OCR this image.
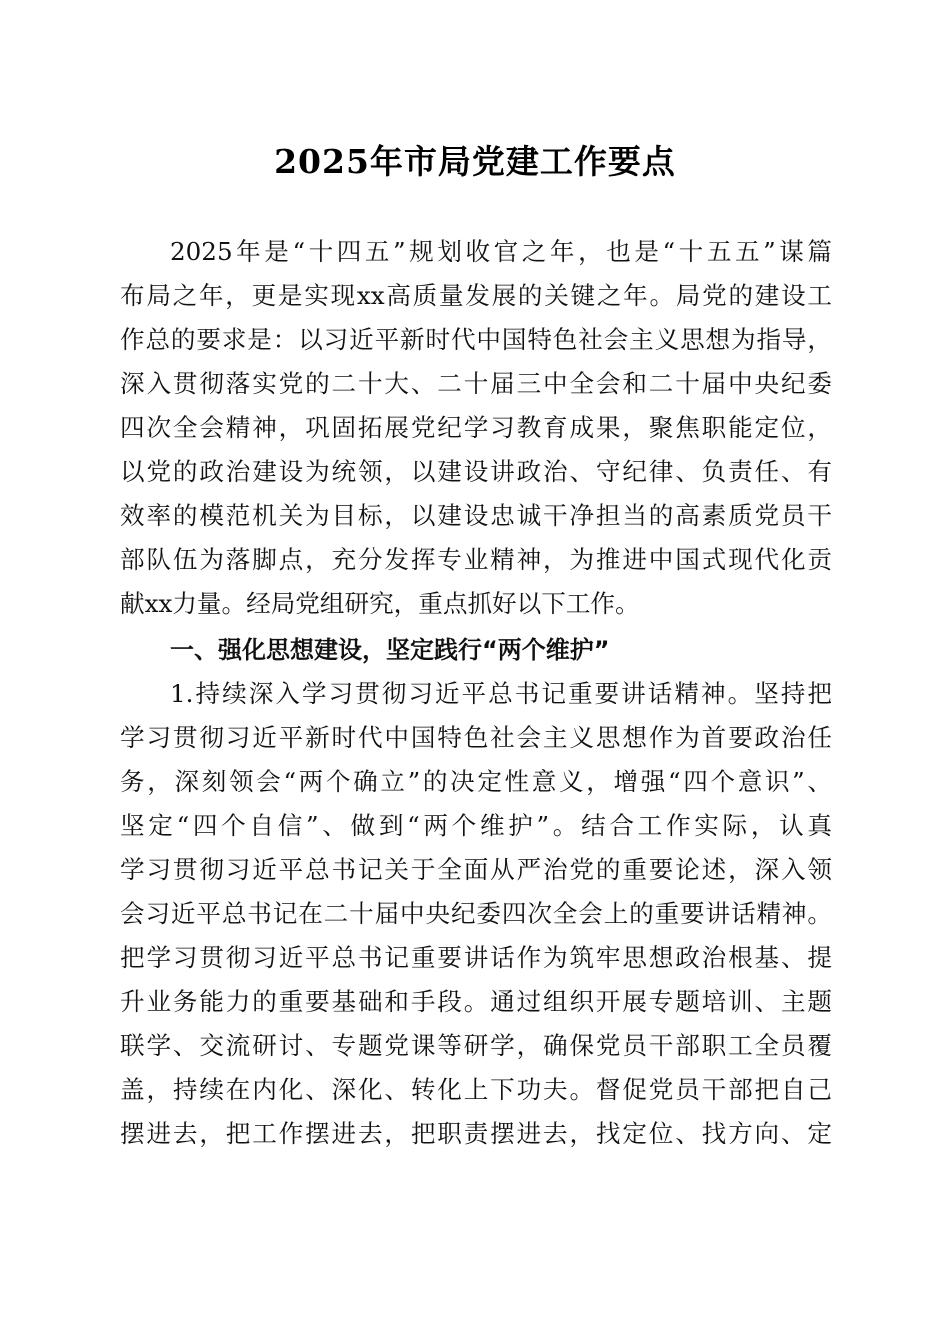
2025年市局党建工作要点
2025年是“十四五”规划收官之年，也是“十五五”谋篇
布局之年，更是实现xx高质量发展的关键之年。局党的建设工
作总的要求是：以习近平新时代中国特色社会主义思想为指导，
深入贯彻落实党的二十大、二十届三中全会和二十届中央纪委
四次全会精神，巩固拓展党纪学习教育成果，聚焦职能定位，
以党的政治建设为统领，以建设讲政治、守纪律、负责任、有
效率的模范机关为目标，以建设忠诚干净担当的高素质党员干
部队伍为落脚点，充分发挥专业精神，为推进中国式现代化贡
献xx力量。经局党组研究，重点抓好以下工作。
一、强化思想建设，坚定践行“两个维护”
1.持续深入学习贯彻习近平总书记重要讲话精神。坚持把
学习贯彻习近平新时代中国特色社会主义思想作为首要政治任
务，深刻领会“两个确立”的决定性意义，增强“四个意识”、
坚定“四个自信”、做到“两个维护”。结合工作实际，认真
学习贯彻习近平总书记关于全面从严治党的重要论述，深入领
会习近平总书记在二十届中央纪委四次全会上的重要讲话精神。
把学习贯彻习近平总书记重要讲话作为筑牢思想政治根基、提
升业务能力的重要基础和手段。通过组织开展专题培训、主题
联学、交流研讨、专题党课等研学，确保党员干部职工全员覆
盖，持续在内化、深化、转化上下功夫。督促党员干部把自己
摆进去，把工作摆进去，把职责摆进去，找定位、找方向、定
